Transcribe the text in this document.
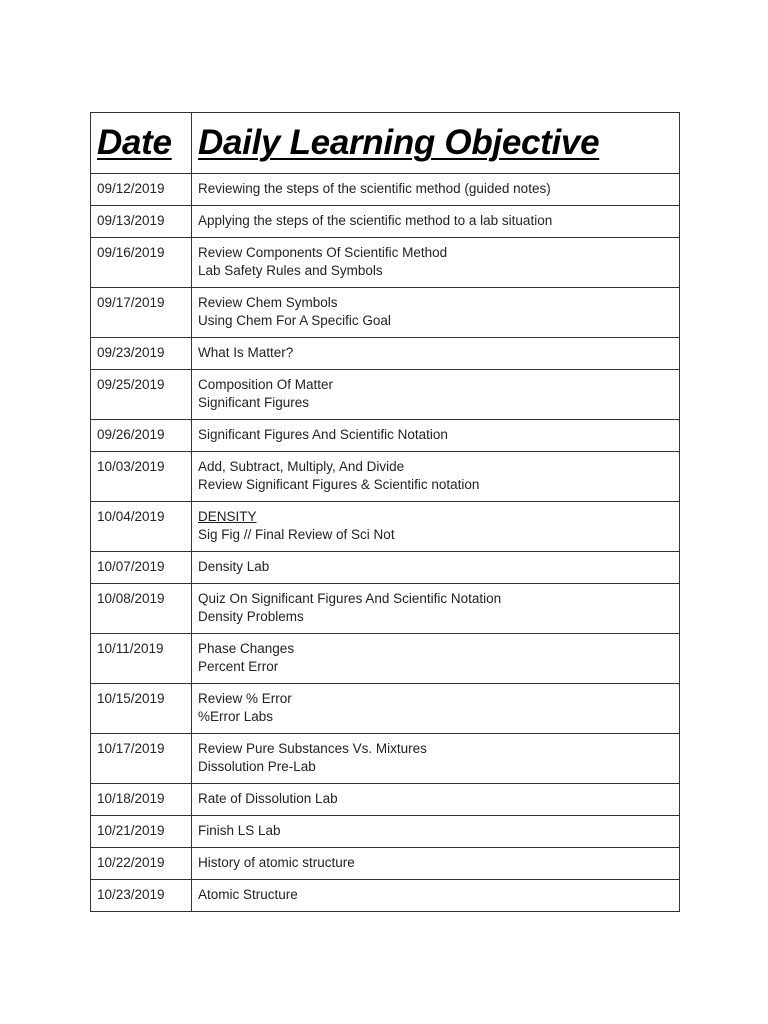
Date	Daily Learning Objective
09/12/2019	Reviewing the steps of the scientific method (guided notes)

09/13/2019	Applying the steps of the scientific method to a lab situation

09/16/2019	Review Components Of Scientific Method
Lab Safety Rules and Symbols

09/17/2019	Review Chem Symbols
Using Chem For A Specific Goal

09/23/2019	What Is Matter?

09/25/2019	Composition Of Matter
Significant Figures

09/26/2019	Significant Figures And Scientific Notation

10/03/2019	Add, Subtract, Multiply, And Divide
Review Significant Figures & Scientific notation

10/04/2019	DENSITY
Sig Fig // Final Review of Sci Not

10/07/2019	Density Lab

10/08/2019	Quiz On Significant Figures And Scientific Notation
Density Problems

10/11/2019	Phase Changes
Percent Error

10/15/2019	Review % Error
%Error Labs

10/17/2019	Review Pure Substances Vs. Mixtures
Dissolution Pre-Lab

10/18/2019	Rate of Dissolution Lab

10/21/2019	Finish LS Lab

10/22/2019	History of atomic structure

10/23/2019	Atomic Structure
